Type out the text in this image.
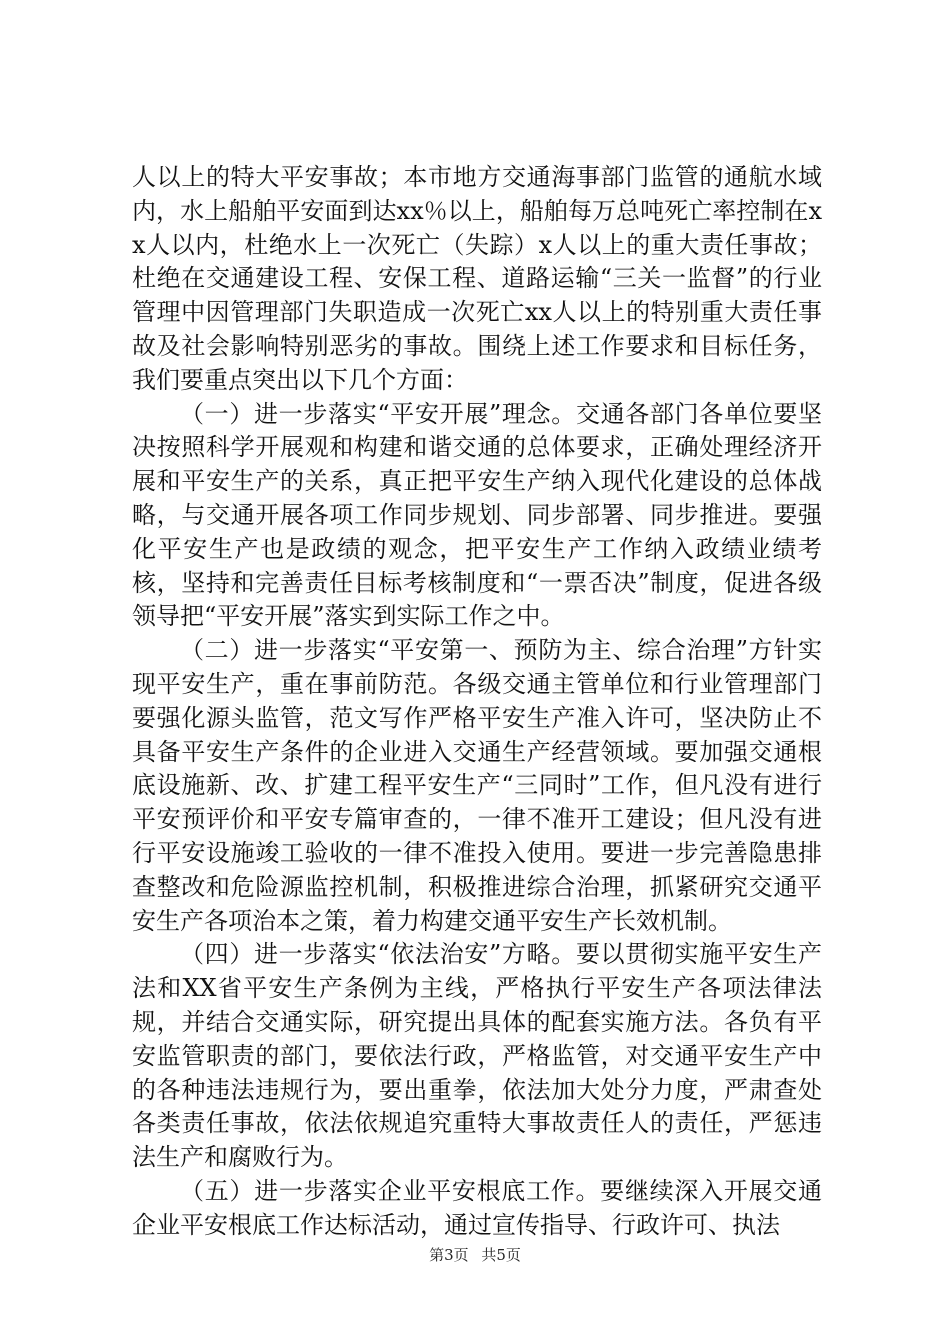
人以上的特大平安事故；本市地方交通海事部门监管的通航水域内，水上船舶平安面到达xx％以上，船舶每万总吨死亡率控制在xx人以内，杜绝水上一次死亡（失踪）x人以上的重大责任事故；杜绝在交通建设工程、安保工程、道路运输“三关一监督”的行业管理中因管理部门失职造成一次死亡xx人以上的特别重大责任事故及社会影响特别恶劣的事故。围绕上述工作要求和目标任务，我们要重点突出以下几个方面：

（一）进一步落实“平安开展”理念。交通各部门各单位要坚决按照科学开展观和构建和谐交通的总体要求，正确处理经济开展和平安生产的关系，真正把平安生产纳入现代化建设的总体战略，与交通开展各项工作同步规划、同步部署、同步推进。要强化平安生产也是政绩的观念，把平安生产工作纳入政绩业绩考核，坚持和完善责任目标考核制度和“一票否决”制度，促进各级领导把“平安开展”落实到实际工作之中。

（二）进一步落实“平安第一、预防为主、综合治理”方针实现平安生产，重在事前防范。各级交通主管单位和行业管理部门要强化源头监管，范文写作严格平安生产准入许可，坚决防止不具备平安生产条件的企业进入交通生产经营领域。要加强交通根底设施新、改、扩建工程平安生产“三同时”工作，但凡没有进行平安预评价和平安专篇审查的，一律不准开工建设；但凡没有进行平安设施竣工验收的一律不准投入使用。要进一步完善隐患排查整改和危险源监控机制，积极推进综合治理，抓紧研究交通平安生产各项治本之策，着力构建交通平安生产长效机制。

（四）进一步落实“依法治安”方略。要以贯彻实施平安生产法和XX省平安生产条例为主线，严格执行平安生产各项法律法规，并结合交通实际，研究提出具体的配套实施方法。各负有平安监管职责的部门，要依法行政，严格监管，对交通平安生产中的各种违法违规行为，要出重拳，依法加大处分力度，严肃查处各类责任事故，依法依规追究重特大事故责任人的责任，严惩违法生产和腐败行为。

（五）进一步落实企业平安根底工作。要继续深入开展交通企业平安根底工作达标活动，通过宣传指导、行政许可、执法

第3页 共5页
